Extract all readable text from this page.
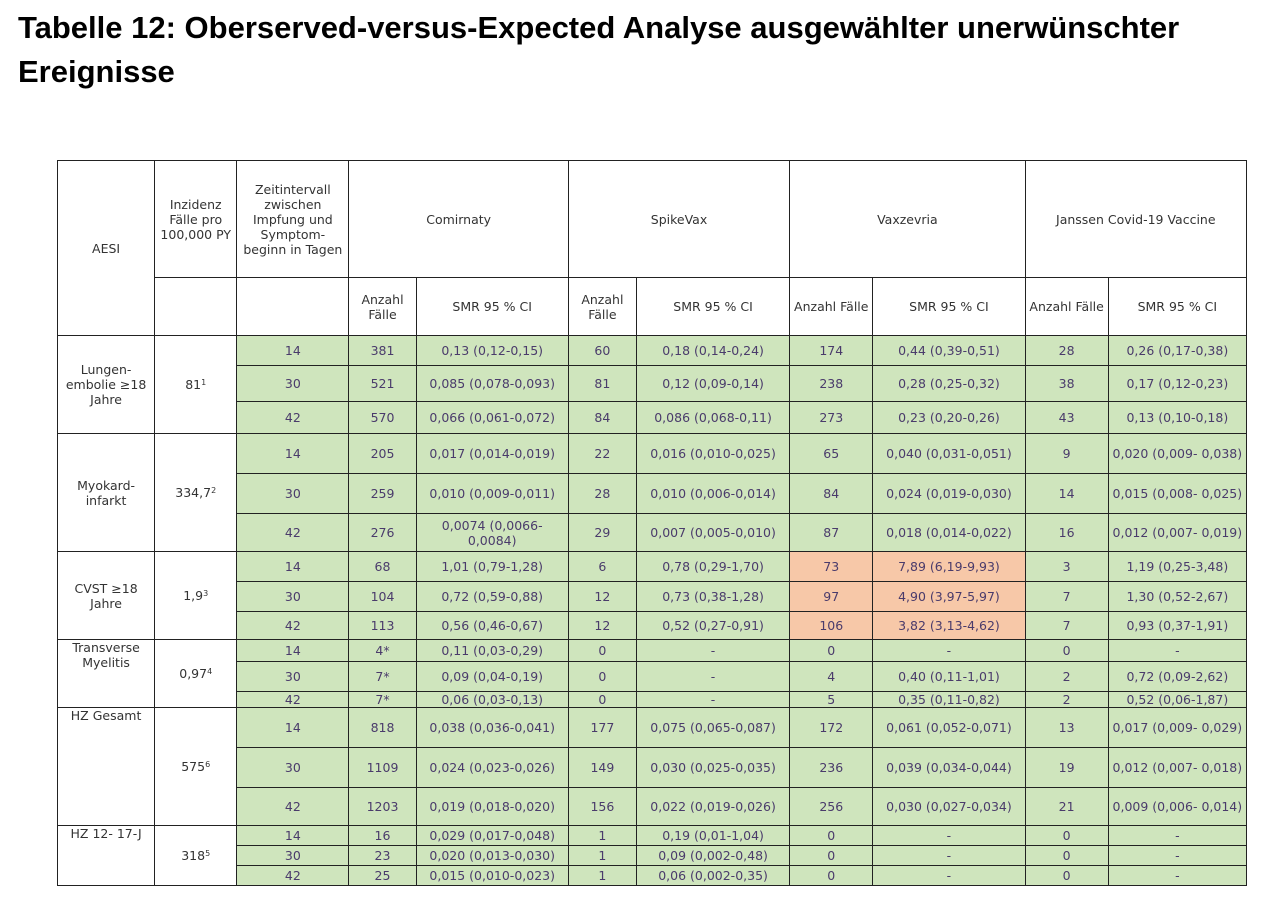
Tabelle 12: Oberserved-versus-Expected Analyse ausgewählter unerwünschter Ereignisse
AESI	Inzidenz Fälle pro 100,000 PY	Zeitintervall zwischen Impfung und Symptom-beginn in Tagen	Comirnaty		SpikeVax		Vaxzevria		Janssen Covid-19 Vaccine	
			Anzahl Fälle	SMR 95 % CI	Anzahl Fälle	SMR 95 % CI	Anzahl Fälle	SMR 95 % CI	Anzahl Fälle	SMR 95 % CI
Lungen- embolie ≥18 Jahre	$81^1$	14	381	0,13 (0,12-0,15)	60	0,18 (0,14-0,24)	174	0,44 (0,39-0,51)	28	0,26 (0,17-0,38)
		30	521	0,085 (0,078-0,093)	81	0,12 (0,09-0,14)	238	0,28 (0,25-0,32)	38	0,17 (0,12-0,23)
		42	570	0,066 (0,061-0,072)	84	0,086 (0,068-0,11)	273	0,23 (0,20-0,26)	43	0,13 (0,10-0,18)
Myokard- infarkt	334,7$^2$	14	205	0,017 (0,014-0,019)	22	0,016 (0,010-0,025)	65	0,040 (0,031-0,051)	9	0,020 (0,009- 0,038)
		30	259	0,010 (0,009-0,011)	28	0,010 (0,006-0,014)	84	0,024 (0,019-0,030)	14	0,015 (0,008- 0,025)
		42	276	0,0074 (0,0066- 0,0084)	29	0,007 (0,005-0,010)	87	0,018 (0,014-0,022)	16	0,012 (0,007- 0,019)
CVST ≥18 Jahre	$1,9^3$	14	68	1,01 (0,79-1,28)	6	0,78 (0,29-1,70)	73	7,89 (6,19-9,93)	3	1,19 (0,25-3,48)
		30	104	0,72 (0,59-0,88)	12	0,73 (0,38-1,28)	97	4,90 (3,97-5,97)	7	1,30 (0,52-2,67)
		42	113	0,56 (0,46-0,67)	12	0,52 (0,27-0,91)	106	3,82 (3,13-4,62)	7	0,93 (0,37-1,91)
Transverse Myelitis	0,97$^4$	14	4*	0,11 (0,03-0,29)	0	-	0	-	0	-
		30	7*	0,09 (0,04-0,19)	0	-	4	0,40 (0,11-1,01)	2	0,72 (0,09-2,62)
		42	7*	0,06 (0,03-0,13)	0	-	5	0,35 (0,11-0,82)	2	0,52 (0,06-1,87)
HZ Gesamt	$575^6$	14	818	0,038 (0,036-0,041)	177	0,075 (0,065-0,087)	172	0,061 (0,052-0,071)	13	0,017 (0,009- 0,029)
		30	1109	0,024 (0,023-0,026)	149	0,030 (0,025-0,035)	236	0,039 (0,034-0,044)	19	0,012 (0,007- 0,018)
		42	1203	0,019 (0,018-0,020)	156	0,022 (0,019-0,026)	256	0,030 (0,027-0,034)	21	0,009 (0,006- 0,014)
HZ 12- 17-J	$318^5$	14	16	0,029 (0,017-0,048)	1	0,19 (0,01-1,04)	0	-	0	-
		30	23	0,020 (0,013-0,030)	1	0,09 (0,002-0,48)	0	-	0	-
		42	25	0,015 (0,010-0,023)	1	0,06 (0,002-0,35)	0	-	0	-
